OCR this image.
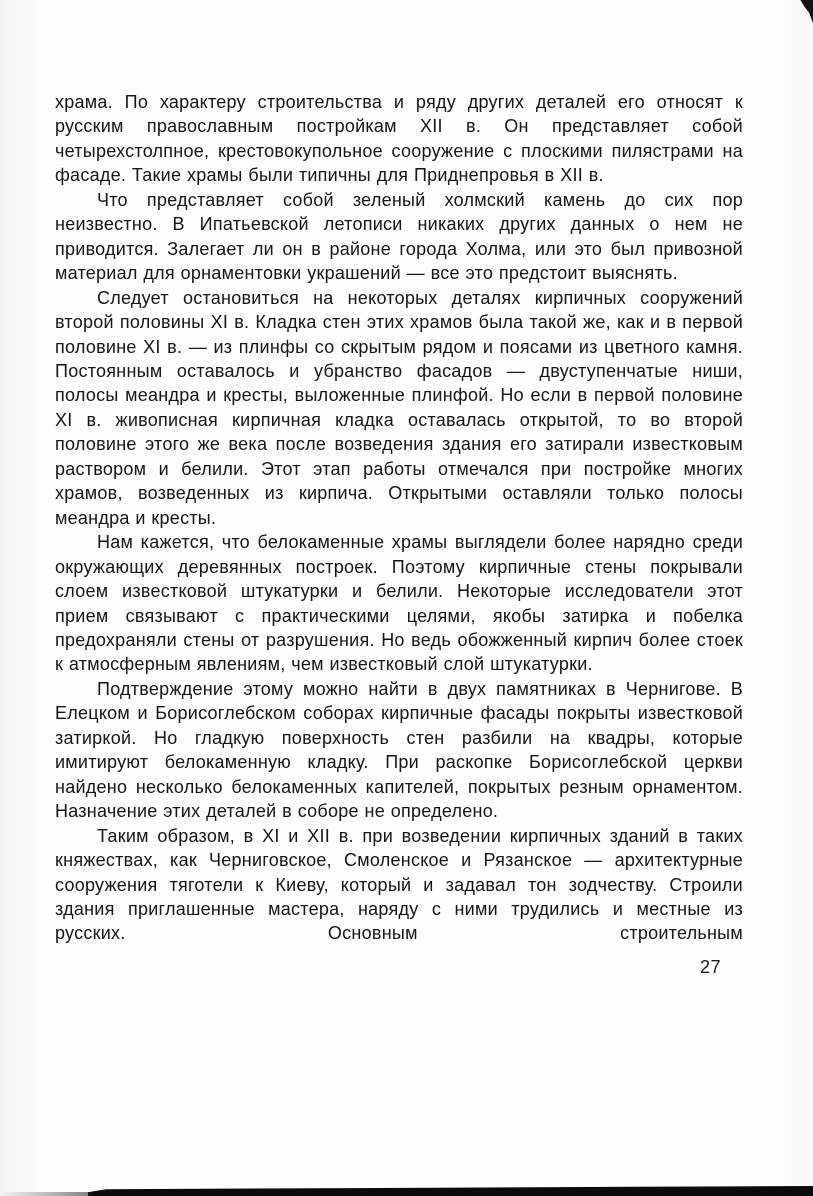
храма. По характеру строительства и ряду других деталей его относят к русским православным постройкам XII в. Он представляет собой четырехстолпное, крестовокупольное сооружение с плоскими пилястрами на фасаде. Такие храмы были типичны для Приднепровья в XII в.

Что представляет собой зеленый холмский камень до сих пор неизвестно. В Ипатьевской летописи никаких других данных о нем не приводится. Залегает ли он в районе города Холма, или это был привозной материал для орнаментовки украшений — все это предстоит выяснять.

Следует остановиться на некоторых деталях кирпичных сооружений второй половины XI в. Кладка стен этих храмов была такой же, как и в первой половине XI в. — из плинфы со скрытым рядом и поясами из цветного камня. Постоянным оставалось и убранство фасадов — двуступенчатые ниши, полосы меандра и кресты, выложенные плинфой. Но если в первой половине XI в. живописная кирпичная кладка оставалась открытой, то во второй половине этого же века после возведения здания его затирали известковым раствором и белили. Этот этап работы отмечался при постройке многих храмов, возведенных из кирпича. Открытыми оставляли только полосы меандра и кресты.

Нам кажется, что белокаменные храмы выглядели более нарядно среди окружающих деревянных построек. Поэтому кирпичные стены покрывали слоем известковой штукатурки и белили. Некоторые исследователи этот прием связывают с практическими целями, якобы затирка и побелка предохраняли стены от разрушения. Но ведь обожженный кирпич более стоек к атмосферным явлениям, чем известковый слой штукатурки.

Подтверждение этому можно найти в двух памятниках в Чернигове. В Елецком и Борисоглебском соборах кирпичные фасады покрыты известковой затиркой. Но гладкую поверхность стен разбили на квадры, которые имитируют белокаменную кладку. При раскопке Борисоглебской церкви найдено несколько белокаменных капителей, покрытых резным орнаментом. Назначение этих деталей в соборе не определено.

Таким образом, в XI и XII в. при возведении кирпичных зданий в таких княжествах, как Черниговское, Смоленское и Рязанское — архитектурные сооружения тяготели к Киеву, который и задавал тон зодчеству. Строили здания приглашенные мастера, наряду с ними трудились и местные из русских. Основным строительным

27
